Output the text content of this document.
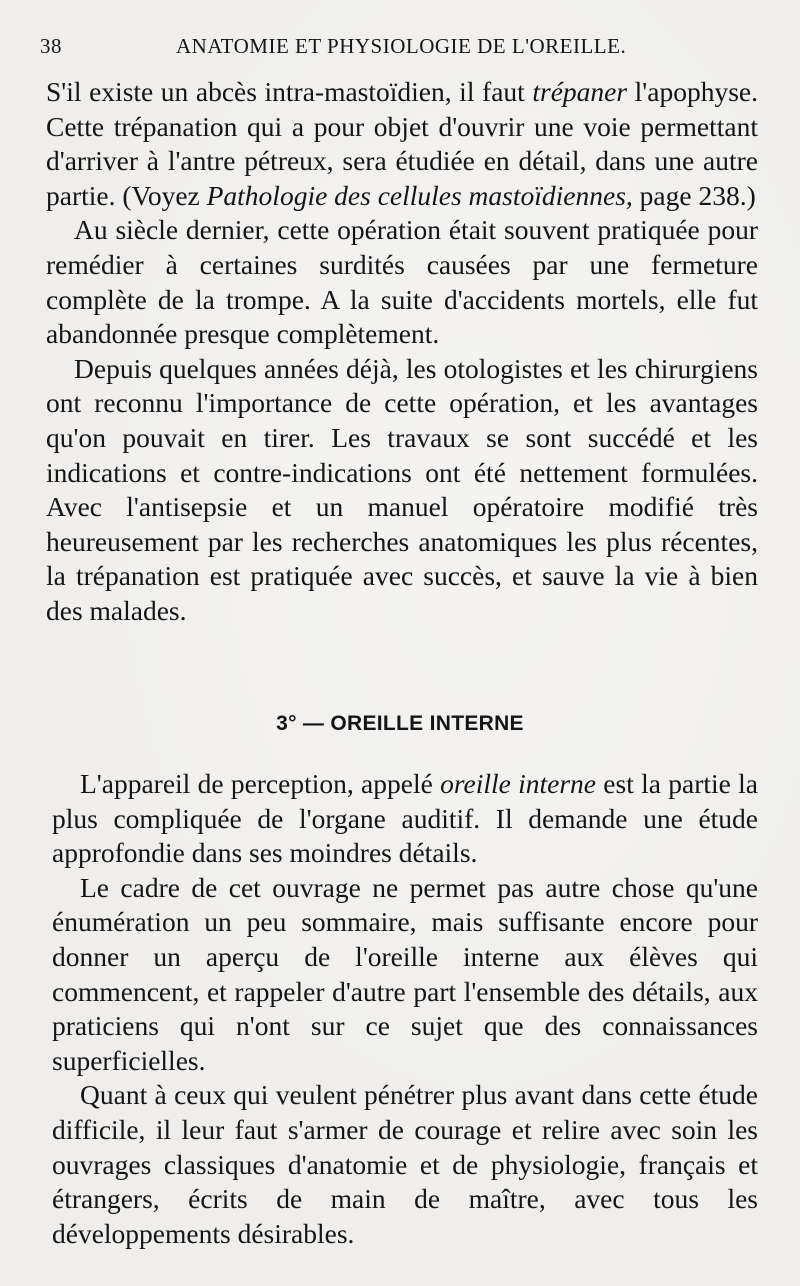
38	ANATOMIE ET PHYSIOLOGIE DE L'OREILLE.

S'il existe un abcès intra-mastoïdien, il faut trépaner l'apophyse. Cette trépanation qui a pour objet d'ouvrir une voie permettant d'arriver à l'antre pétreux, sera étudiée en détail, dans une autre partie. (Voyez Pathologie des cellules mastoïdiennes, page 238.)

Au siècle dernier, cette opération était souvent pratiquée pour remédier à certaines surdités causées par une fermeture complète de la trompe. A la suite d'accidents mortels, elle fut abandonnée presque complètement.

Depuis quelques années déjà, les otologistes et les chirurgiens ont reconnu l'importance de cette opération, et les avantages qu'on pouvait en tirer. Les travaux se sont succédé et les indications et contre-indications ont été nettement formulées. Avec l'antisepsie et un manuel opératoire modifié très heureusement par les recherches anatomiques les plus récentes, la trépanation est pratiquée avec succès, et sauve la vie à bien des malades.

3° — OREILLE INTERNE

L'appareil de perception, appelé oreille interne est la partie la plus compliquée de l'organe auditif. Il demande une étude approfondie dans ses moindres détails.

Le cadre de cet ouvrage ne permet pas autre chose qu'une énumération un peu sommaire, mais suffisante encore pour donner un aperçu de l'oreille interne aux élèves qui commencent, et rappeler d'autre part l'ensemble des détails, aux praticiens qui n'ont sur ce sujet que des connaissances superficielles.

Quant à ceux qui veulent pénétrer plus avant dans cette étude difficile, il leur faut s'armer de courage et relire avec soin les ouvrages classiques d'anatomie et de physiologie, français et étrangers, écrits de main de maître, avec tous les développements désirables.
